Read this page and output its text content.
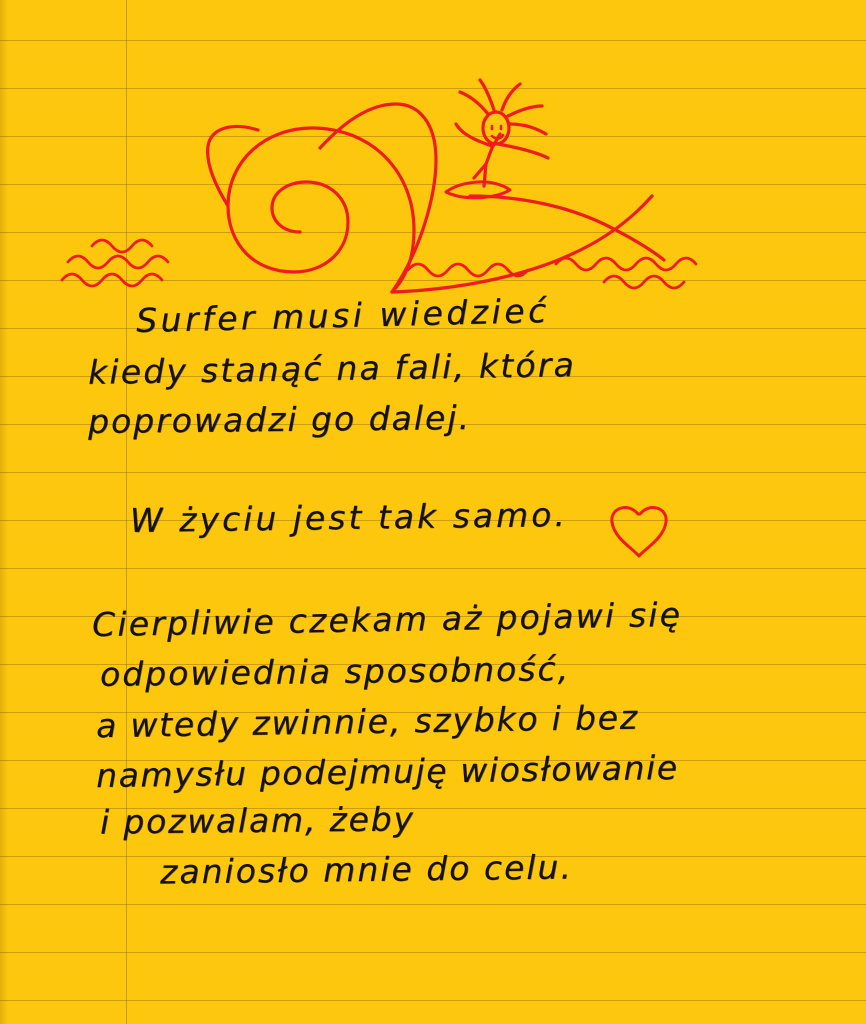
Surfer musi wiedzieć
kiedy stanąć na fali, która
poprowadzi go dalej.
W życiu jest tak samo.
Cierpliwie czekam aż pojawi się
odpowiednia sposobność,
a wtedy zwinnie, szybko i bez
namysłu podejmuję wiosłowanie
i pozwalam, żeby
zaniosło mnie do celu.
